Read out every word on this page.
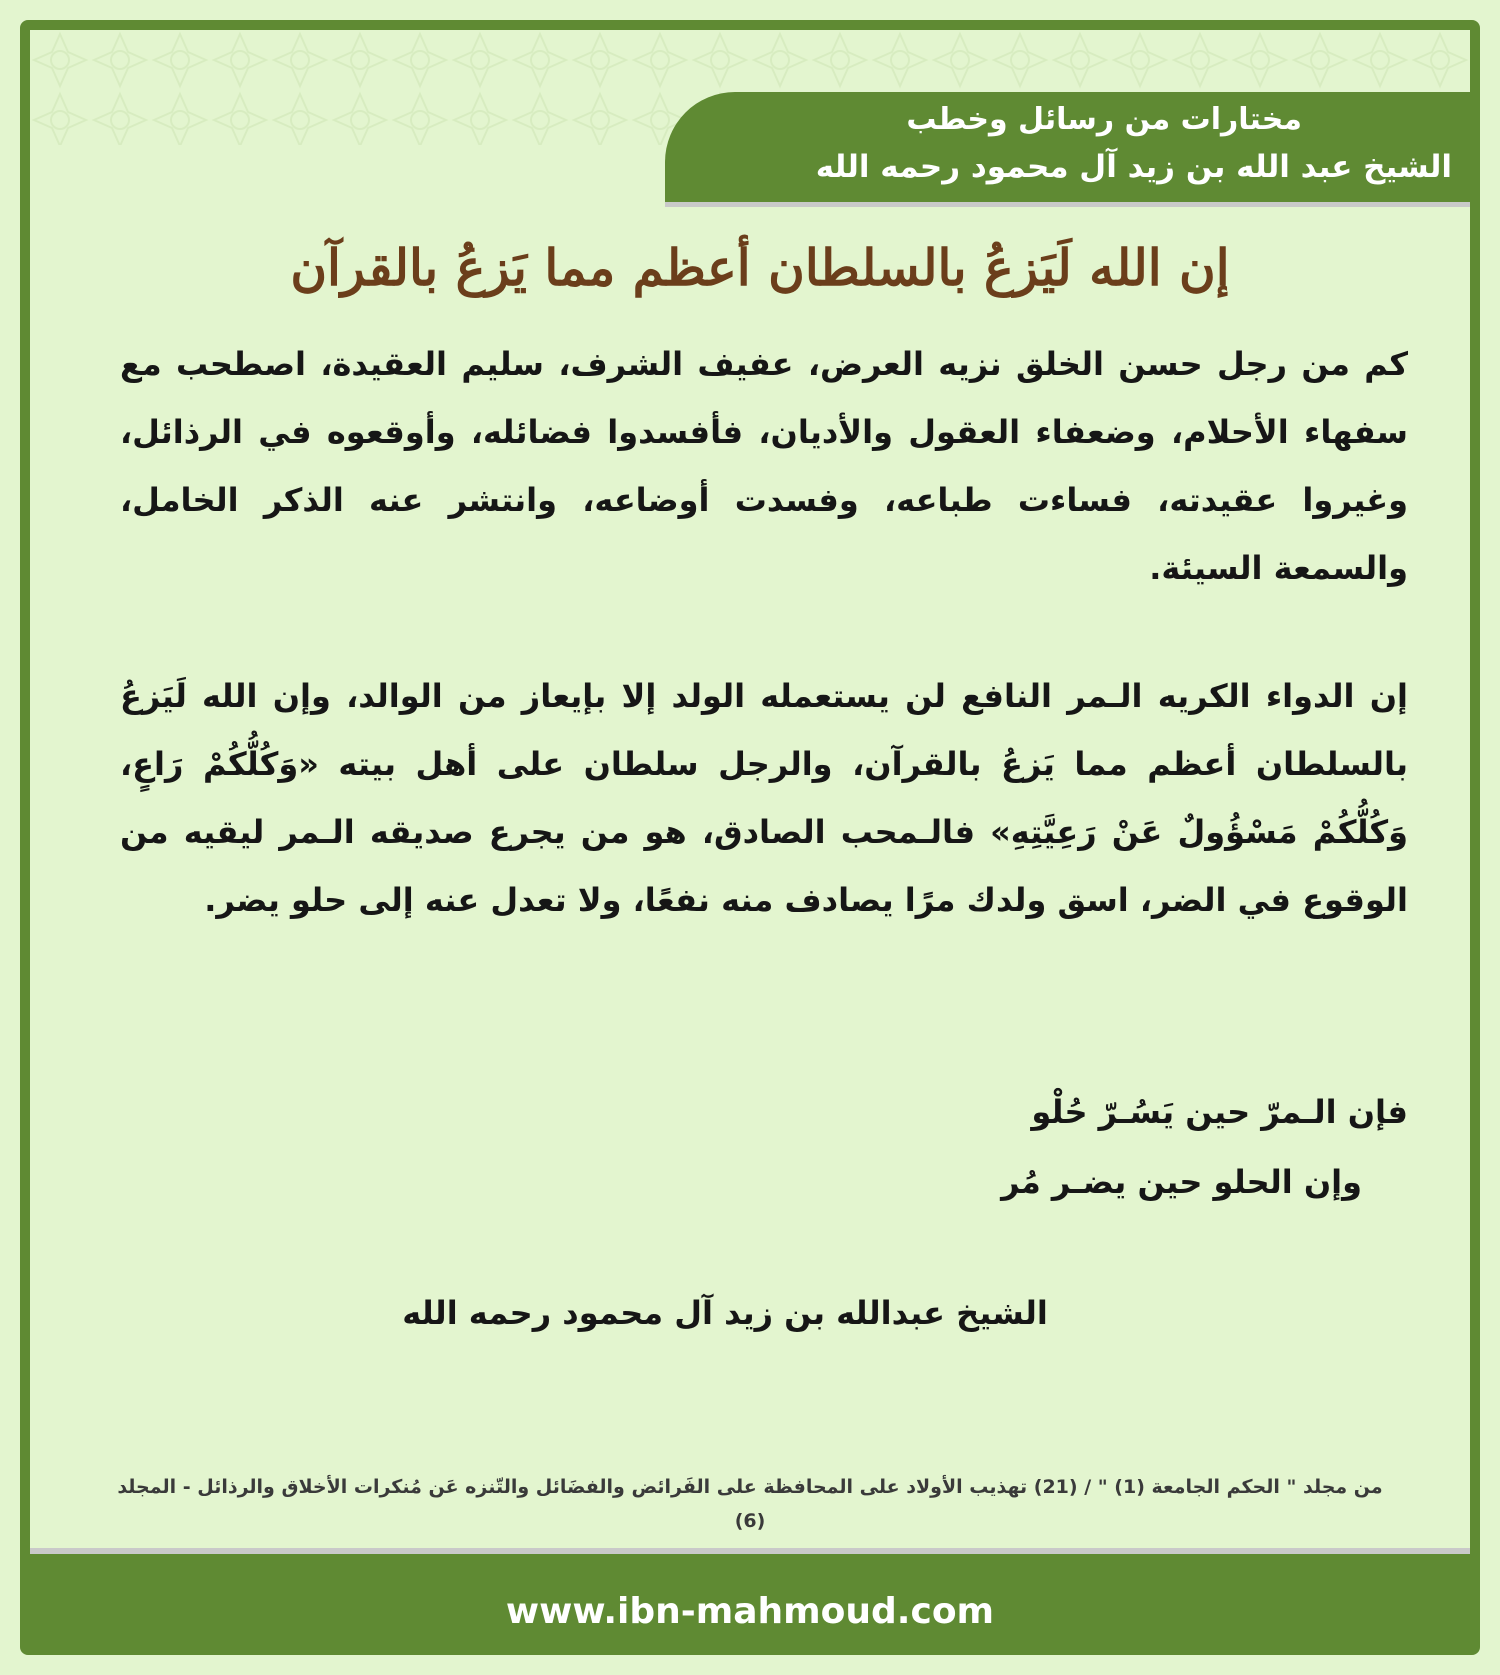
مختارات من رسائل وخطب
الشيخ عبد الله بن زيد آل محمود رحمه الله
إن الله لَيَزعُ بالسلطان أعظم مما يَزعُ بالقرآن

كم من رجل حسن الخلق نزيه العرض، عفيف الشرف، سليم العقيدة، اصطحب مع سفهاء الأحلام، وضعفاء العقول والأديان، فأفسدوا فضائله، وأوقعوه في الرذائل، وغيروا عقيدته، فساءت طباعه، وفسدت أوضاعه، وانتشر عنه الذكر الخامل، والسمعة السيئة.

إن الدواء الكريه الـمر النافع لن يستعمله الولد إلا بإيعاز من الوالد، وإن الله لَيَزعُ بالسلطان أعظم مما يَزعُ بالقرآن، والرجل سلطان على أهل بيته «وَكُلُّكُمْ رَاعٍ، وَكُلُّكُمْ مَسْؤُولٌ عَنْ رَعِيَّتِهِ» فالـمحب الصادق، هو من يجرع صديقه الـمر ليقيه من الوقوع في الضر، اسق ولدك مرًا يصادف منه نفعًا، ولا تعدل عنه إلى حلو يضر.

فإن الـمرّ حين يَسُـرّ حُلْو
وإن الحلو حين يضـر مُر
الشيخ عبدالله بن زيد آل محمود رحمه الله
من مجلد " الحكم الجامعة (1) " / (21) تهذيب الأولاد على المحافظة على الفَرائض والفضَائل والتّنزه عَن مُنكرات الأخلاق والرذائل - المجلد (6)
www.ibn-mahmoud.com
